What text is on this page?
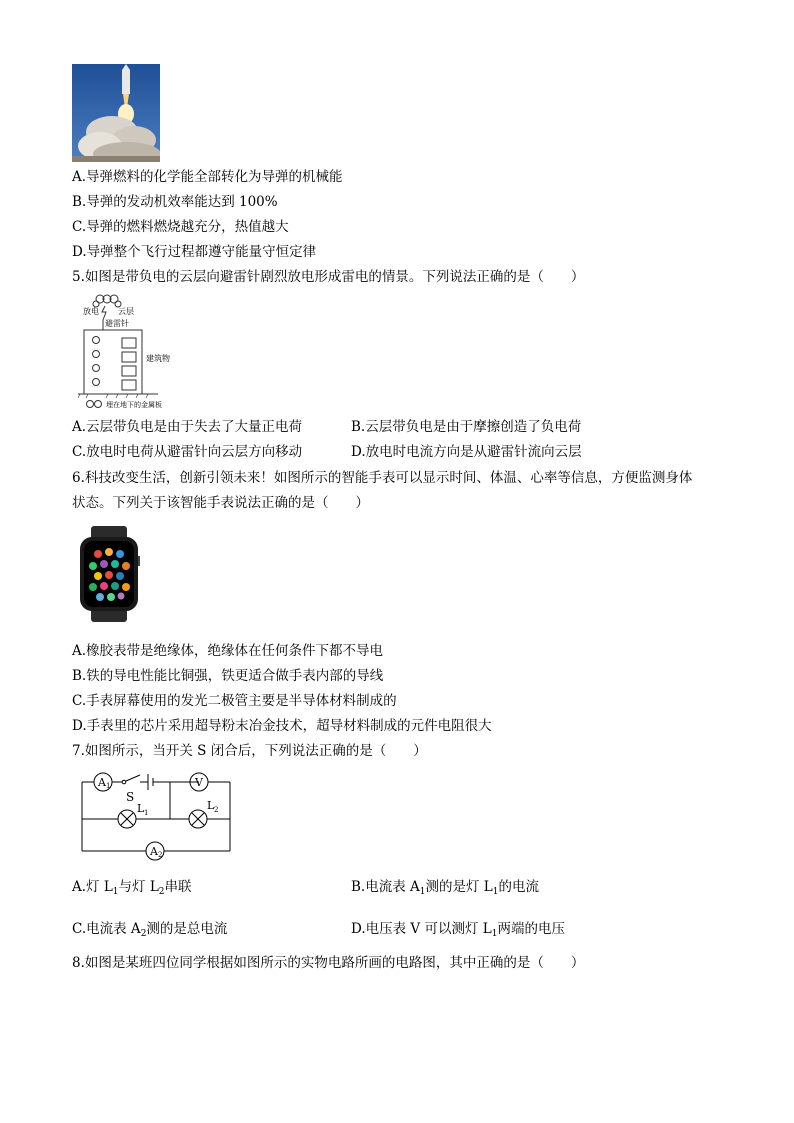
A.导弹燃料的化学能全部转化为导弹的机械能
B.导弹的发动机效率能达到 100%
C.导弹的燃料燃烧越充分，热值越大
D.导弹整个飞行过程都遵守能量守恒定律
5.如图是带负电的云层向避雷针剧烈放电形成雷电的情景。下列说法正确的是（　　）
放电 云层
避雷针
建筑物
埋在地下的金属板
A.云层带负电是由于失去了大量正电荷	B.云层带负电是由于摩擦创造了负电荷
C.放电时电荷从避雷针向云层方向移动	D.放电时电流方向是从避雷针流向云层
6.科技改变生活，创新引领未来！如图所示的智能手表可以显示时间、体温、心率等信息，方便监测身体
状态。下列关于该智能手表说法正确的是（　　）
A.橡胶表带是绝缘体，绝缘体在任何条件下都不导电
B.铁的导电性能比铜强，铁更适合做手表内部的导线
C.手表屏幕使用的发光二极管主要是半导体材料制成的
D.手表里的芯片采用超导粉末冶金技术，超导材料制成的元件电阻很大
7.如图所示，当开关 S 闭合后，下列说法正确的是（　　）
A 1
S
V
L 1
L 2
A 2
A.灯 $L_1$与灯 $L_2$串联	B.电流表 $A_1$测的是灯 $L_1$的电流
C.电流表 $A_2$测的是总电流	D.电压表 V 可以测灯 $L_1$两端的电压
8.如图是某班四位同学根据如图所示的实物电路所画的电路图，其中正确的是（　　）
